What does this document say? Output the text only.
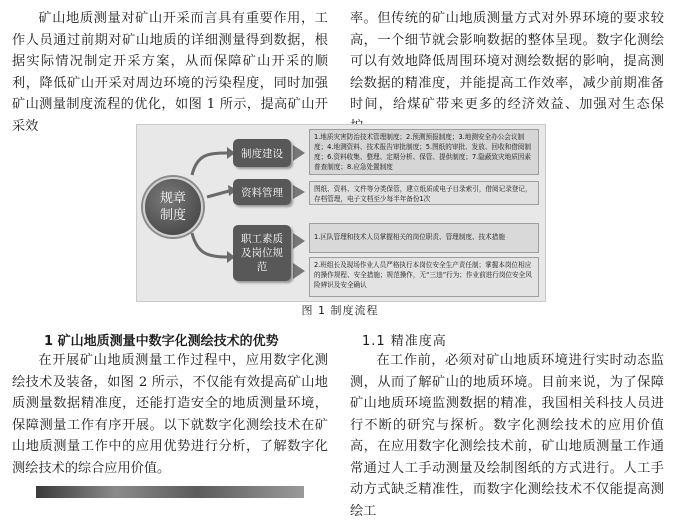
矿山地质测量对矿山开采而言具有重要作用，工作人员通过前期对矿山地质的详细测量得到数据，根据实际情况制定开采方案，从而保障矿山开采的顺利，降低矿山开采对周边环境的污染程度，同时加强矿山测量制度流程的优化，如图 1 所示，提高矿山开采效

率。但传统的矿山地质测量方式对外界环境的要求较高，一个细节就会影响数据的整体呈现。数字化测绘可以有效地降低周围环境对测绘数据的影响，提高测绘数据的精准度，并能提高工作效率，减少前期准备时间，给煤矿带来更多的经济效益、加强对生态保

规章制度
制度建设
1.地质灾害防治技术管理制度；2.预测预报制度；3.地测安全办公会议制度；4.地测资料、技术报告审批制度；5.图纸的审批、发放、回收和借阅制度；6.资料收集、整理、定期分析、保管、提供制度；7.隐蔽致灾地质因素普查制度；8.应急处置制度
资料管理	图纸、资料、文件等分类保管，建立纸质或电子目录索引，借阅记录登记，存档管理，电子文档至少每半年备份1次
职工素质及岗位规范
1.区队管理和技术人员掌握相关的岗位职责、管理制度、技术措施
2.班组长及现场作业人员严格执行本岗位安全生产责任制；掌握本岗位相应的操作规程、安全措施；规范操作，无“三违”行为；作业前进行岗位安全风险辨识及安全确认
图 1 制度流程
1 矿山地质测量中数字化测绘技术的优势	1.1 精准度高

在开展矿山地质测量工作过程中，应用数字化测绘技术及装备，如图 2 所示，不仅能有效提高矿山地质测量数据精准度，还能打造安全的地质测量环境，保障测量工作有序开展。以下就数字化测绘技术在矿山地质测量工作中的应用优势进行分析，了解数字化测绘技术的综合应用价值。

在工作前，必须对矿山地质环境进行实时动态监测，从而了解矿山的地质环境。目前来说，为了保障矿山地质环境监测数据的精准，我国相关科技人员进行不断的研究与探析。数字化测绘技术的应用价值高，在应用数字化测绘技术前，矿山地质测量工作通常通过人工手动测量及绘制图纸的方式进行。人工手动方式缺乏精准性，而数字化测绘技术不仅能提高测绘工
